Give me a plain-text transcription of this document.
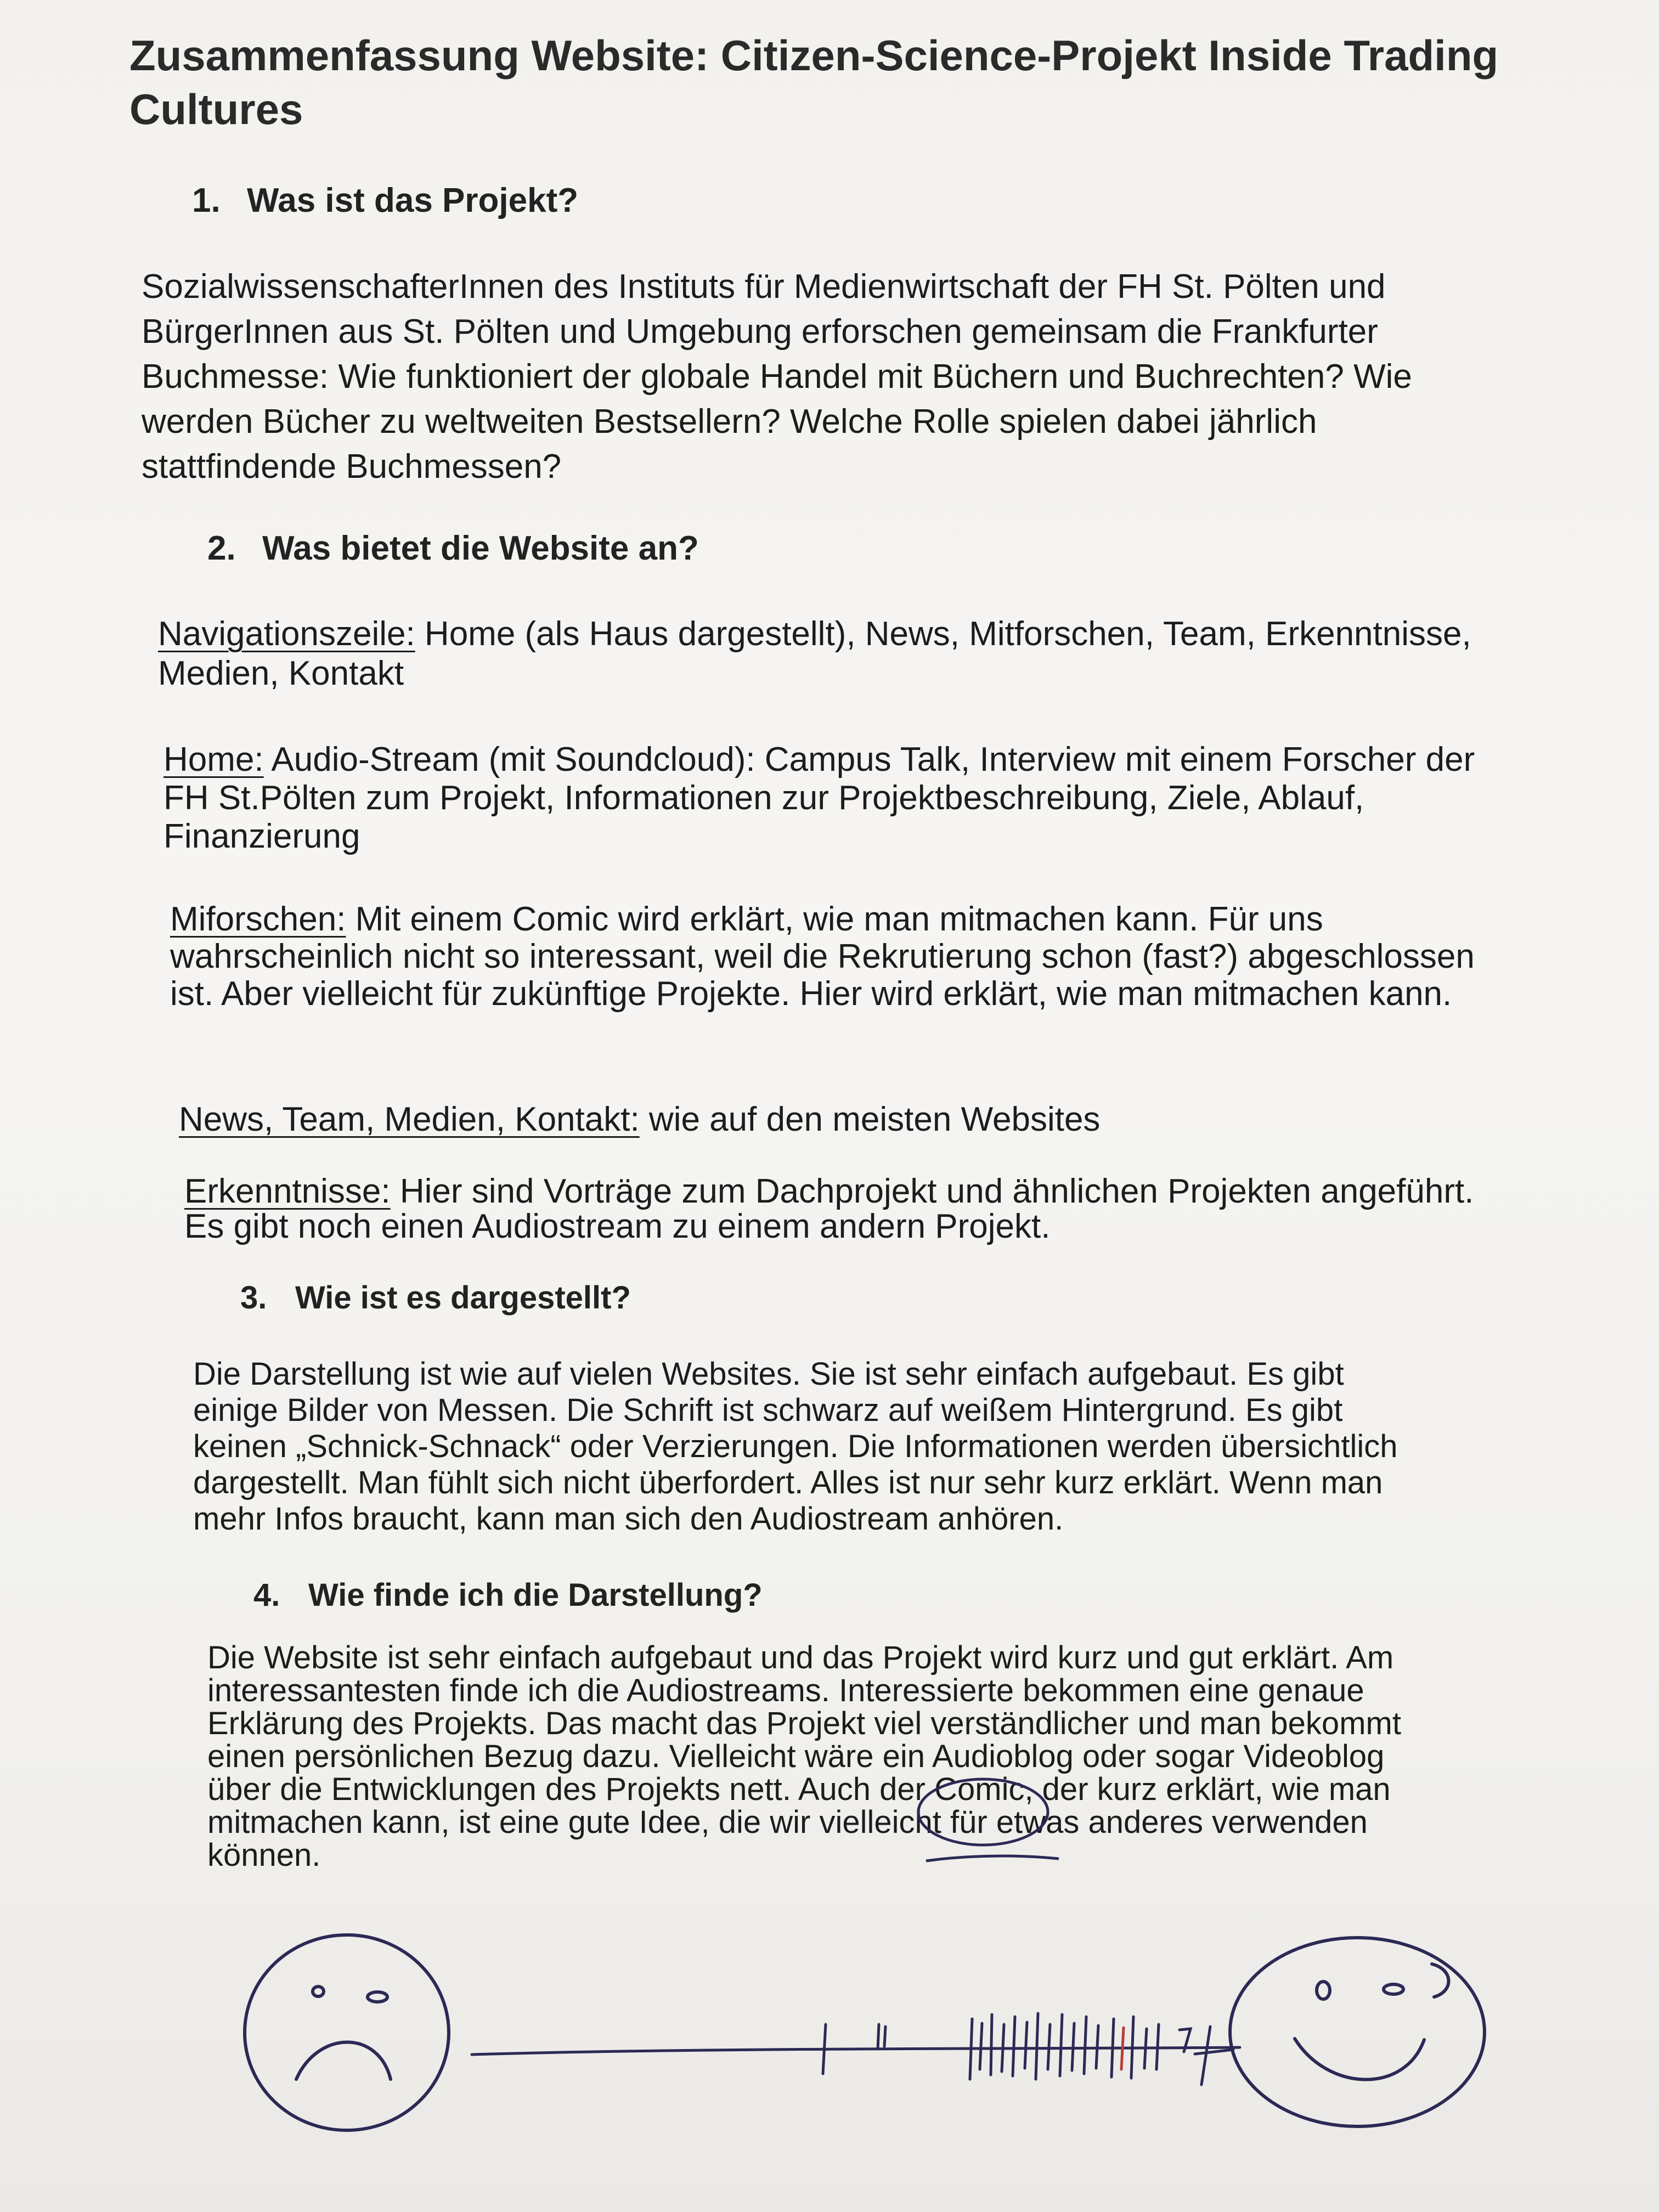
Zusammenfassung Website: Citizen-Science-Projekt Inside Trading Cultures
1. Was ist das Projekt?
SozialwissenschafterInnen des Instituts für Medienwirtschaft der FH St. Pölten und BürgerInnen aus St. Pölten und Umgebung erforschen gemeinsam die Frankfurter Buchmesse: Wie funktioniert der globale Handel mit Büchern und Buchrechten? Wie werden Bücher zu weltweiten Bestsellern? Welche Rolle spielen dabei jährlich stattfindende Buchmessen?
2. Was bietet die Website an?
Navigationszeile: Home (als Haus dargestellt), News, Mitforschen, Team, Erkenntnisse, Medien, Kontakt
Home: Audio-Stream (mit Soundcloud): Campus Talk, Interview mit einem Forscher der FH St.Pölten zum Projekt, Informationen zur Projektbeschreibung, Ziele, Ablauf, Finanzierung
Miforschen: Mit einem Comic wird erklärt, wie man mitmachen kann. Für uns wahrscheinlich nicht so interessant, weil die Rekrutierung schon (fast?) abgeschlossen ist. Aber vielleicht für zukünftige Projekte. Hier wird erklärt, wie man mitmachen kann.
News, Team, Medien, Kontakt: wie auf den meisten Websites
Erkenntnisse: Hier sind Vorträge zum Dachprojekt und ähnlichen Projekten angeführt. Es gibt noch einen Audiostream zu einem andern Projekt.
3. Wie ist es dargestellt?
Die Darstellung ist wie auf vielen Websites. Sie ist sehr einfach aufgebaut. Es gibt einige Bilder von Messen. Die Schrift ist schwarz auf weißem Hintergrund. Es gibt keinen „Schnick-Schnack“ oder Verzierungen. Die Informationen werden übersichtlich dargestellt. Man fühlt sich nicht überfordert. Alles ist nur sehr kurz erklärt. Wenn man mehr Infos braucht, kann man sich den Audiostream anhören.
4. Wie finde ich die Darstellung?
Die Website ist sehr einfach aufgebaut und das Projekt wird kurz und gut erklärt. Am interessantesten finde ich die Audiostreams. Interessierte bekommen eine genaue Erklärung des Projekts. Das macht das Projekt viel verständlicher und man bekommt einen persönlichen Bezug dazu. Vielleicht wäre ein Audioblog oder sogar Videoblog über die Entwicklungen des Projekts nett. Auch der Comic, der kurz erklärt, wie man mitmachen kann, ist eine gute Idee, die wir vielleicht für etwas anderes verwenden können.
